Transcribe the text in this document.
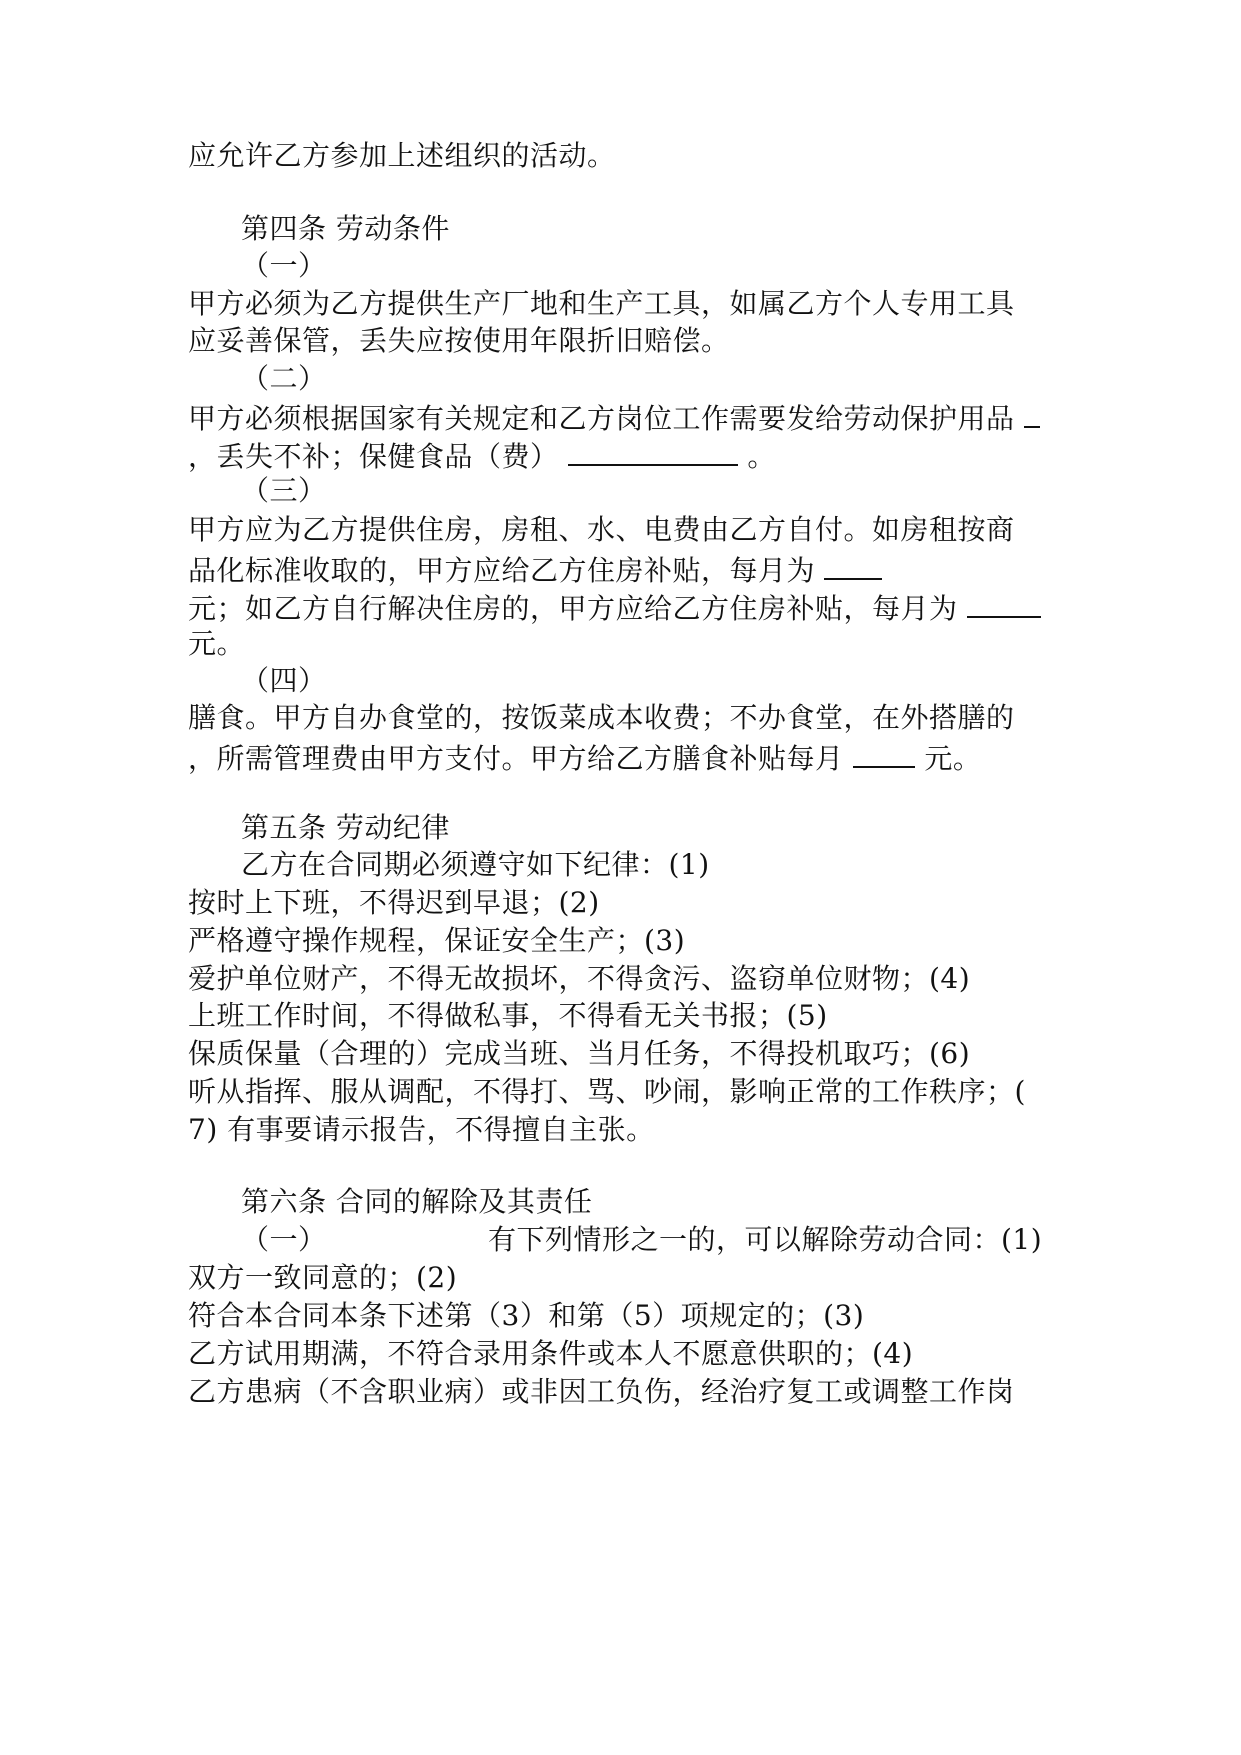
应允许乙方参加上述组织的活动。
第四条 劳动条件
（一）
甲方必须为乙方提供生产厂地和生产工具，如属乙方个人专用工具
应妥善保管，丢失应按使用年限折旧赔偿。
（二）
甲方必须根据国家有关规定和乙方岗位工作需要发给劳动保护用品
，丢失不补；保健食品（费）	。
（三）
甲方应为乙方提供住房，房租、水、电费由乙方自付。如房租按商
品化标准收取的，甲方应给乙方住房补贴，每月为
元；如乙方自行解决住房的，甲方应给乙方住房补贴，每月为
元。
（四）
膳食。甲方自办食堂的，按饭菜成本收费；不办食堂，在外搭膳的
，所需管理费由甲方支付。甲方给乙方膳食补贴每月	元。
第五条 劳动纪律
乙方在合同期必须遵守如下纪律：(1)
按时上下班，不得迟到早退；(2)
严格遵守操作规程，保证安全生产；(3)
爱护单位财产，不得无故损坏，不得贪污、盗窃单位财物；(4)
上班工作时间，不得做私事，不得看无关书报；(5)
保质保量（合理的）完成当班、当月任务，不得投机取巧；(6)
听从指挥、服从调配，不得打、骂、吵闹，影响正常的工作秩序；(
7) 有事要请示报告，不得擅自主张。
第六条 合同的解除及其责任
（一）	有下列情形之一的，可以解除劳动合同：(1)
双方一致同意的；(2)
符合本合同本条下述第（3）和第（5）项规定的；(3)
乙方试用期满，不符合录用条件或本人不愿意供职的；(4)
乙方患病（不含职业病）或非因工负伤，经治疗复工或调整工作岗
